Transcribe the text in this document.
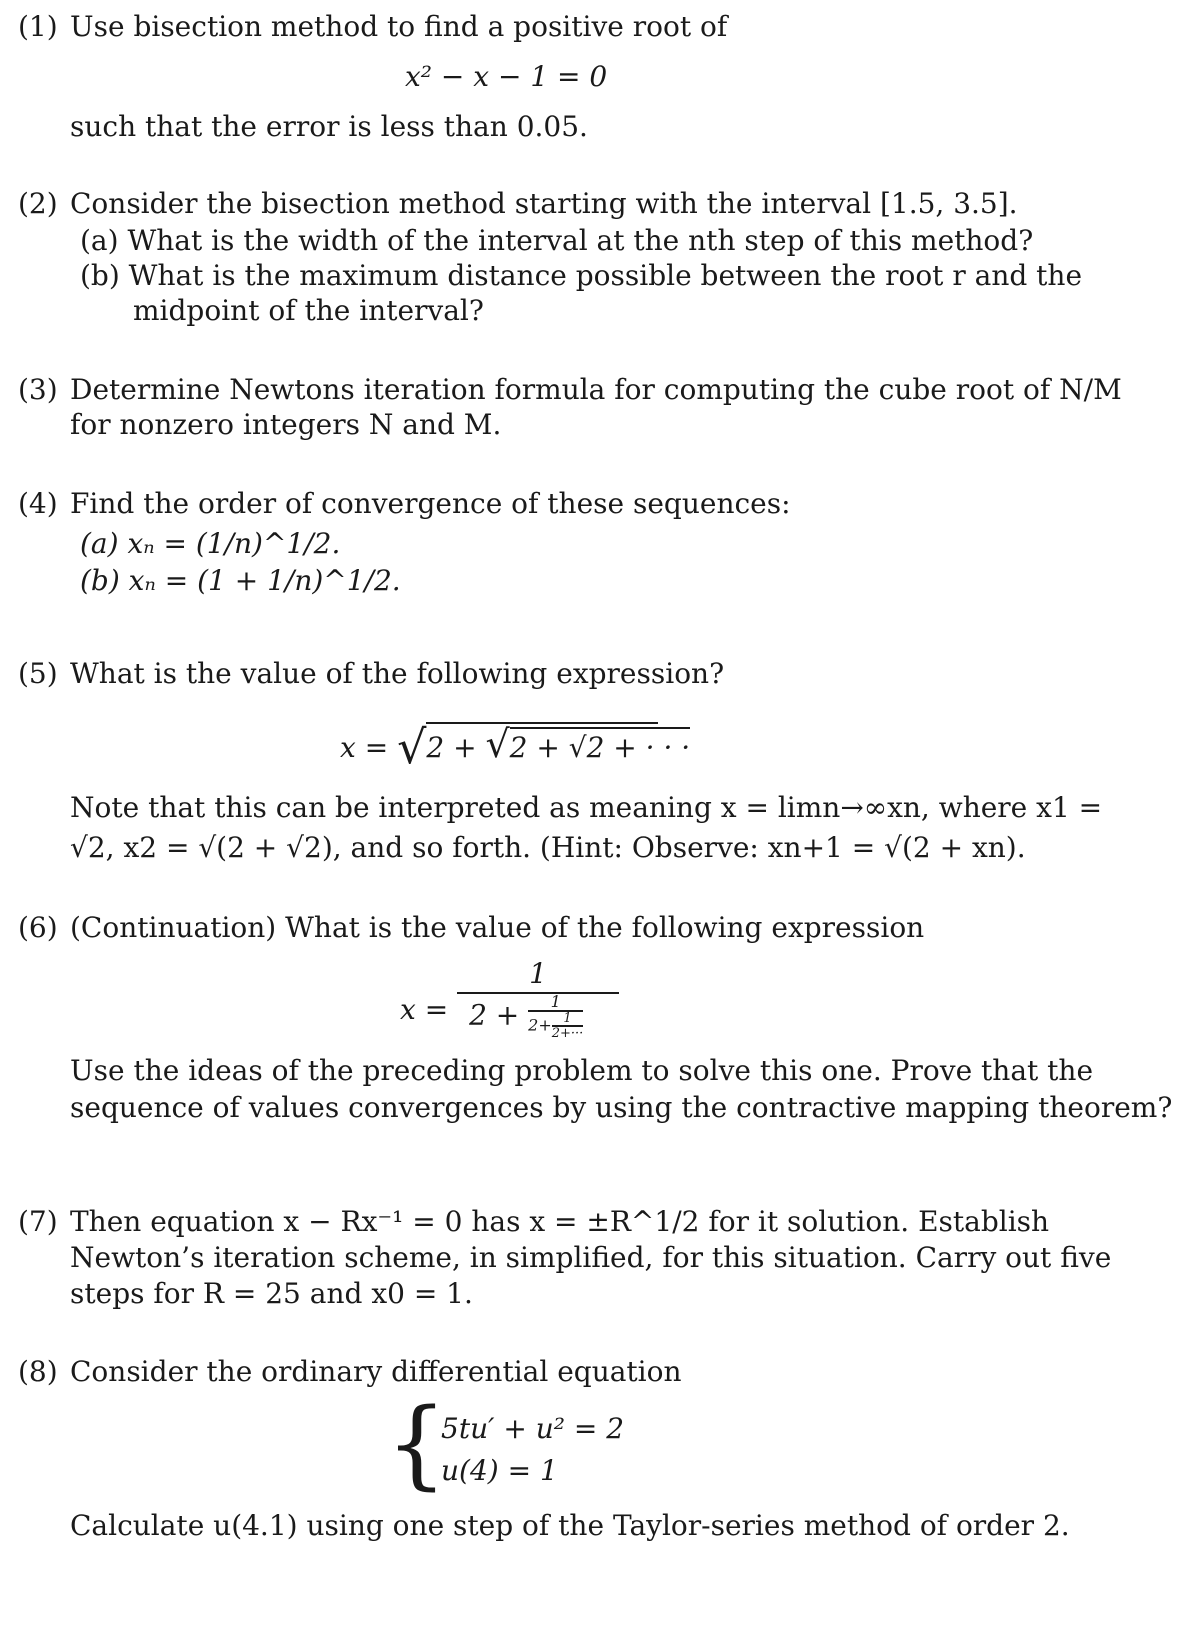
(1) Use bisection method to find a positive root of
x² − x − 1 = 0
such that the error is less than 0.05.
(2) Consider the bisection method starting with the interval [1.5, 3.5].
(a) What is the width of the interval at the nth step of this method?
(b) What is the maximum distance possible between the root r and the
midpoint of the interval?
(3) Determine Newtons iteration formula for computing the cube root of N/M
for nonzero integers N and M.
(4) Find the order of convergence of these sequences:
(a) xₙ = (1/n)^1/2.
(b) xₙ = (1 + 1/n)^1/2.
(5) What is the value of the following expression?
x = √2 + √2 + √2 + · · ·
Note that this can be interpreted as meaning x = limn→∞xn, where x1 =
√2, x2 = √(2 + √2), and so forth. (Hint: Observe: xn+1 = √(2 + xn).
(6) (Continuation) What is the value of the following expression
$x = \frac{1}{2 + \frac{1}{2+ \frac{1}{2+\cdot\cdot\cdot}}}$
Use the ideas of the preceding problem to solve this one. Prove that the
sequence of values convergences by using the contractive mapping theorem?
(7) Then equation x − Rx⁻¹ = 0 has x = ±R^1/2 for it solution. Establish
Newton’s iteration scheme, in simplified, for this situation. Carry out five
steps for R = 25 and x0 = 1.
(8) Consider the ordinary differential equation
{
5tu′ + u² = 2
u(4) = 1
Calculate u(4.1) using one step of the Taylor-series method of order 2.
